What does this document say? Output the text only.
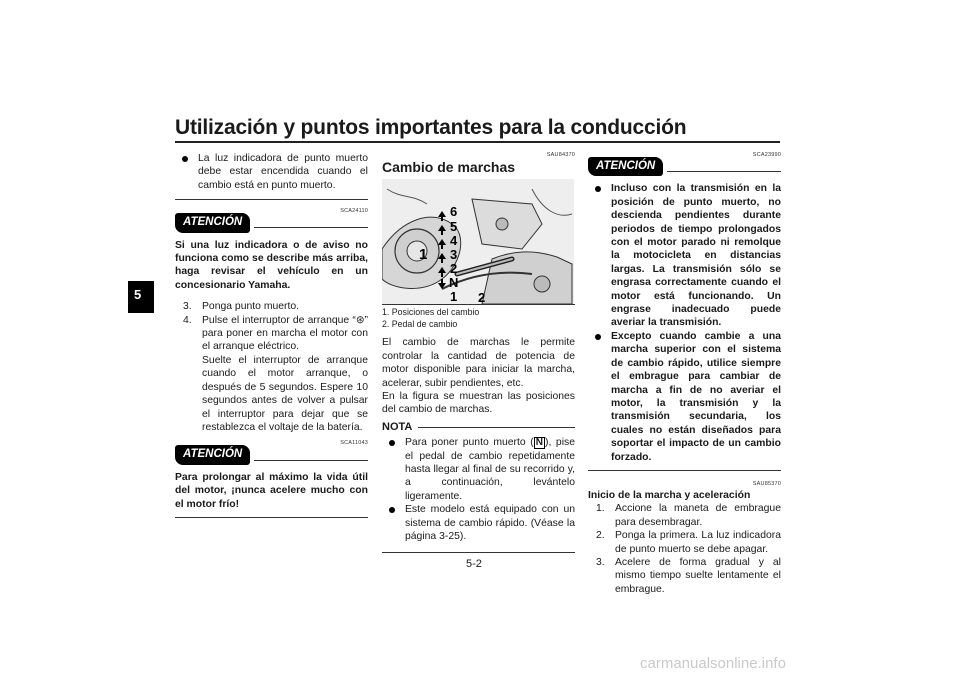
Utilización y puntos importantes para la conducción
5

La luz indicadora de punto muerto debe estar encendida cuando el cambio está en punto muerto.

SCA24110
ATENCIÓN

Si una luz indicadora o de aviso no funciona como se describe más arriba, haga revisar el vehículo en un concesionario Yamaha.

3. Ponga punto muerto.

4. Pulse el interruptor de arranque “⊛” para poner en marcha el motor con el arranque eléctrico.

Suelte el interruptor de arranque cuando el motor arranque, o después de 5 segundos. Espere 10 segundos antes de volver a pulsar el interruptor para dejar que se restablezca el voltaje de la batería.

SCA11043
ATENCIÓN

Para prolongar al máximo la vida útil del motor, ¡nunca acelere mucho con el motor frío!

SAU84370
Cambio de marchas
6
5
4
3
2
N
1
1
2
1. Posiciones del cambio
2. Pedal de cambio

El cambio de marchas le permite controlar la cantidad de potencia de motor disponible para iniciar la marcha, acelerar, subir pendientes, etc.

En la figura se muestran las posiciones del cambio de marchas.

NOTA

Para poner punto muerto ( N ), pise el pedal de cambio repetidamente hasta llegar al final de su recorrido y, a continuación, levántelo ligeramente.

Este modelo está equipado con un sistema de cambio rápido. (Véase la página 3-25).

SCA23990
ATENCIÓN

Incluso con la transmisión en la posición de punto muerto, no descienda pendientes durante periodos de tiempo prolongados con el motor parado ni remolque la motocicleta en distancias largas. La transmisión sólo se engrasa correctamente cuando el motor está funcionando. Un engrase inadecuado puede averiar la transmisión.

Excepto cuando cambie a una marcha superior con el sistema de cambio rápido, utilice siempre el embrague para cambiar de marcha a fin de no averiar el motor, la transmisión y la transmisión secundaria, los cuales no están diseñados para soportar el impacto de un cambio forzado.

SAU85370
Inicio de la marcha y aceleración

1. Accione la maneta de embrague para desembragar.

2. Ponga la primera. La luz indicadora de punto muerto se debe apagar.

3. Acelere de forma gradual y al mismo tiempo suelte lentamente el embrague.

5-2
carmanualsonline.info
